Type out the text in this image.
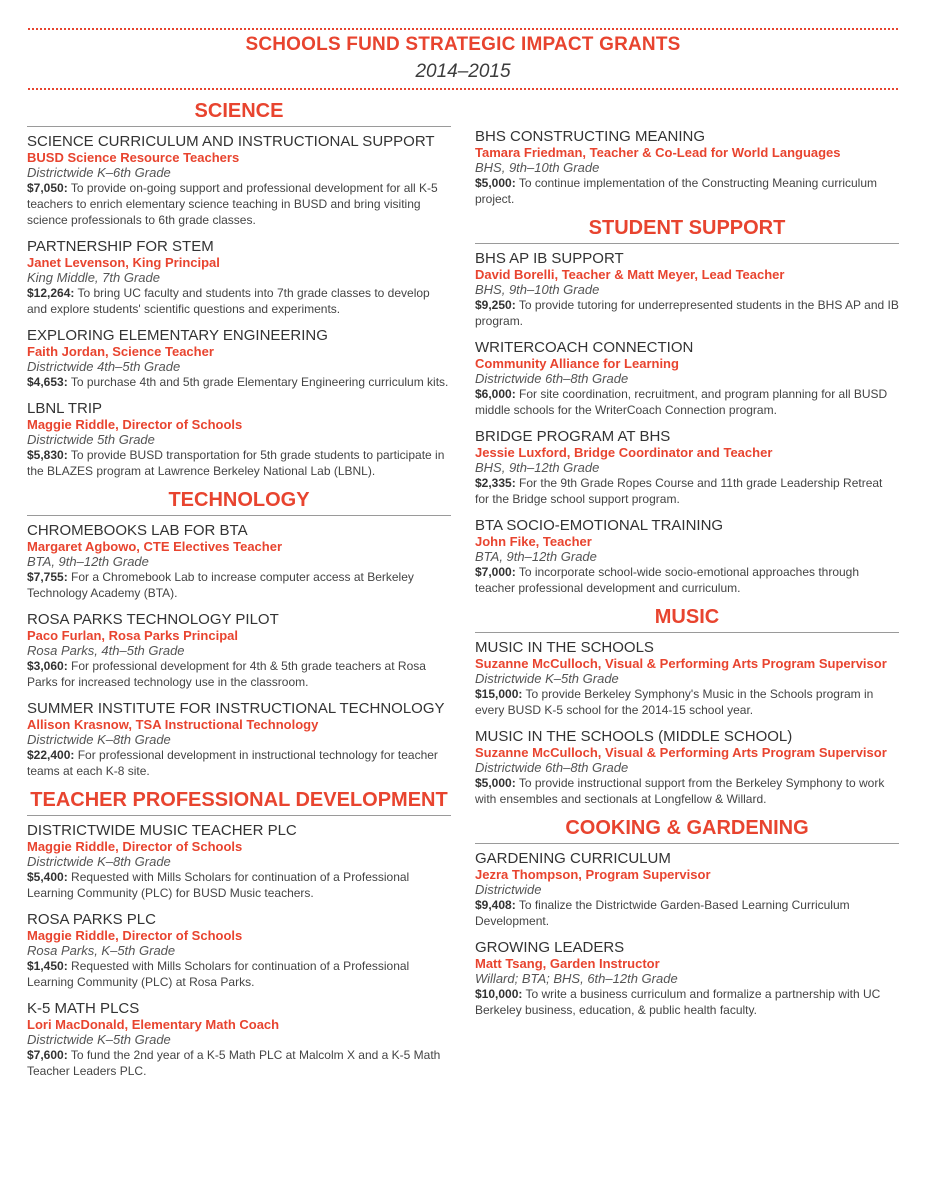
SCHOOLS FUND STRATEGIC IMPACT GRANTS
2014–2015
SCIENCE
SCIENCE CURRICULUM AND INSTRUCTIONAL SUPPORT
BUSD Science Resource Teachers
Districtwide K–6th Grade
$7,050: To provide on-going support and professional development for all K-5 teachers to enrich elementary science teaching in BUSD and bring visiting science professionals to 6th grade classes.
PARTNERSHIP FOR STEM
Janet Levenson, King Principal
King Middle, 7th Grade
$12,264: To bring UC faculty and students into 7th grade classes to develop and explore students' scientific questions and experiments.
EXPLORING ELEMENTARY ENGINEERING
Faith Jordan, Science Teacher
Districtwide 4th–5th Grade
$4,653: To purchase 4th and 5th grade Elementary Engineering curriculum kits.
LBNL TRIP
Maggie Riddle, Director of Schools
Districtwide 5th Grade
$5,830: To provide BUSD transportation for 5th grade students to participate in the BLAZES program at Lawrence Berkeley National Lab (LBNL).
TECHNOLOGY
CHROMEBOOKS LAB FOR BTA
Margaret Agbowo, CTE Electives Teacher
BTA, 9th–12th Grade
$7,755: For a Chromebook Lab to increase computer access at Berkeley Technology Academy (BTA).
ROSA PARKS TECHNOLOGY PILOT
Paco Furlan, Rosa Parks Principal
Rosa Parks, 4th–5th Grade
$3,060: For professional development for 4th & 5th grade teachers at Rosa Parks for increased technology use in the classroom.
SUMMER INSTITUTE FOR INSTRUCTIONAL TECHNOLOGY
Allison Krasnow, TSA Instructional Technology
Districtwide K–8th Grade
$22,400: For professional development in instructional technology for teacher teams at each K-8 site.
TEACHER PROFESSIONAL DEVELOPMENT
DISTRICTWIDE MUSIC TEACHER PLC
Maggie Riddle, Director of Schools
Districtwide K–8th Grade
$5,400: Requested with Mills Scholars for continuation of a Professional Learning Community (PLC) for BUSD Music teachers.
ROSA PARKS PLC
Maggie Riddle, Director of Schools
Rosa Parks, K–5th Grade
$1,450: Requested with Mills Scholars for continuation of a Professional Learning Community (PLC) at Rosa Parks.
K-5 MATH PLCS
Lori MacDonald, Elementary Math Coach
Districtwide K–5th Grade
$7,600: To fund the 2nd year of a K-5 Math PLC at Malcolm X and a K-5 Math Teacher Leaders PLC.
BHS CONSTRUCTING MEANING
Tamara Friedman, Teacher & Co-Lead for World Languages
BHS, 9th–10th Grade
$5,000: To continue implementation of the Constructing Meaning curriculum project.
STUDENT SUPPORT
BHS AP IB SUPPORT
David Borelli, Teacher & Matt Meyer, Lead Teacher
BHS, 9th–10th Grade
$9,250: To provide tutoring for underrepresented students in the BHS AP and IB program.
WRITERCOACH CONNECTION
Community Alliance for Learning
Districtwide 6th–8th Grade
$6,000: For site coordination, recruitment, and program planning for all BUSD middle schools for the WriterCoach Connection program.
BRIDGE PROGRAM AT BHS
Jessie Luxford, Bridge Coordinator and Teacher
BHS, 9th–12th Grade
$2,335: For the 9th Grade Ropes Course and 11th grade Leadership Retreat for the Bridge school support program.
BTA SOCIO-EMOTIONAL TRAINING
John Fike, Teacher
BTA, 9th–12th Grade
$7,000: To incorporate school-wide socio-emotional approaches through teacher professional development and curriculum.
MUSIC
MUSIC IN THE SCHOOLS
Suzanne McCulloch, Visual & Performing Arts Program Supervisor
Districtwide K–5th Grade
$15,000: To provide Berkeley Symphony's Music in the Schools program in every BUSD K-5 school for the 2014-15 school year.
MUSIC IN THE SCHOOLS (MIDDLE SCHOOL)
Suzanne McCulloch, Visual & Performing Arts Program Supervisor
Districtwide 6th–8th Grade
$5,000: To provide instructional support from the Berkeley Symphony to work with ensembles and sectionals at Longfellow & Willard.
COOKING & GARDENING
GARDENING CURRICULUM
Jezra Thompson, Program Supervisor
Districtwide
$9,408: To finalize the Districtwide Garden-Based Learning Curriculum Development.
GROWING LEADERS
Matt Tsang, Garden Instructor
Willard; BTA; BHS, 6th–12th Grade
$10,000: To write a business curriculum and formalize a partnership with UC Berkeley business, education, & public health faculty.
